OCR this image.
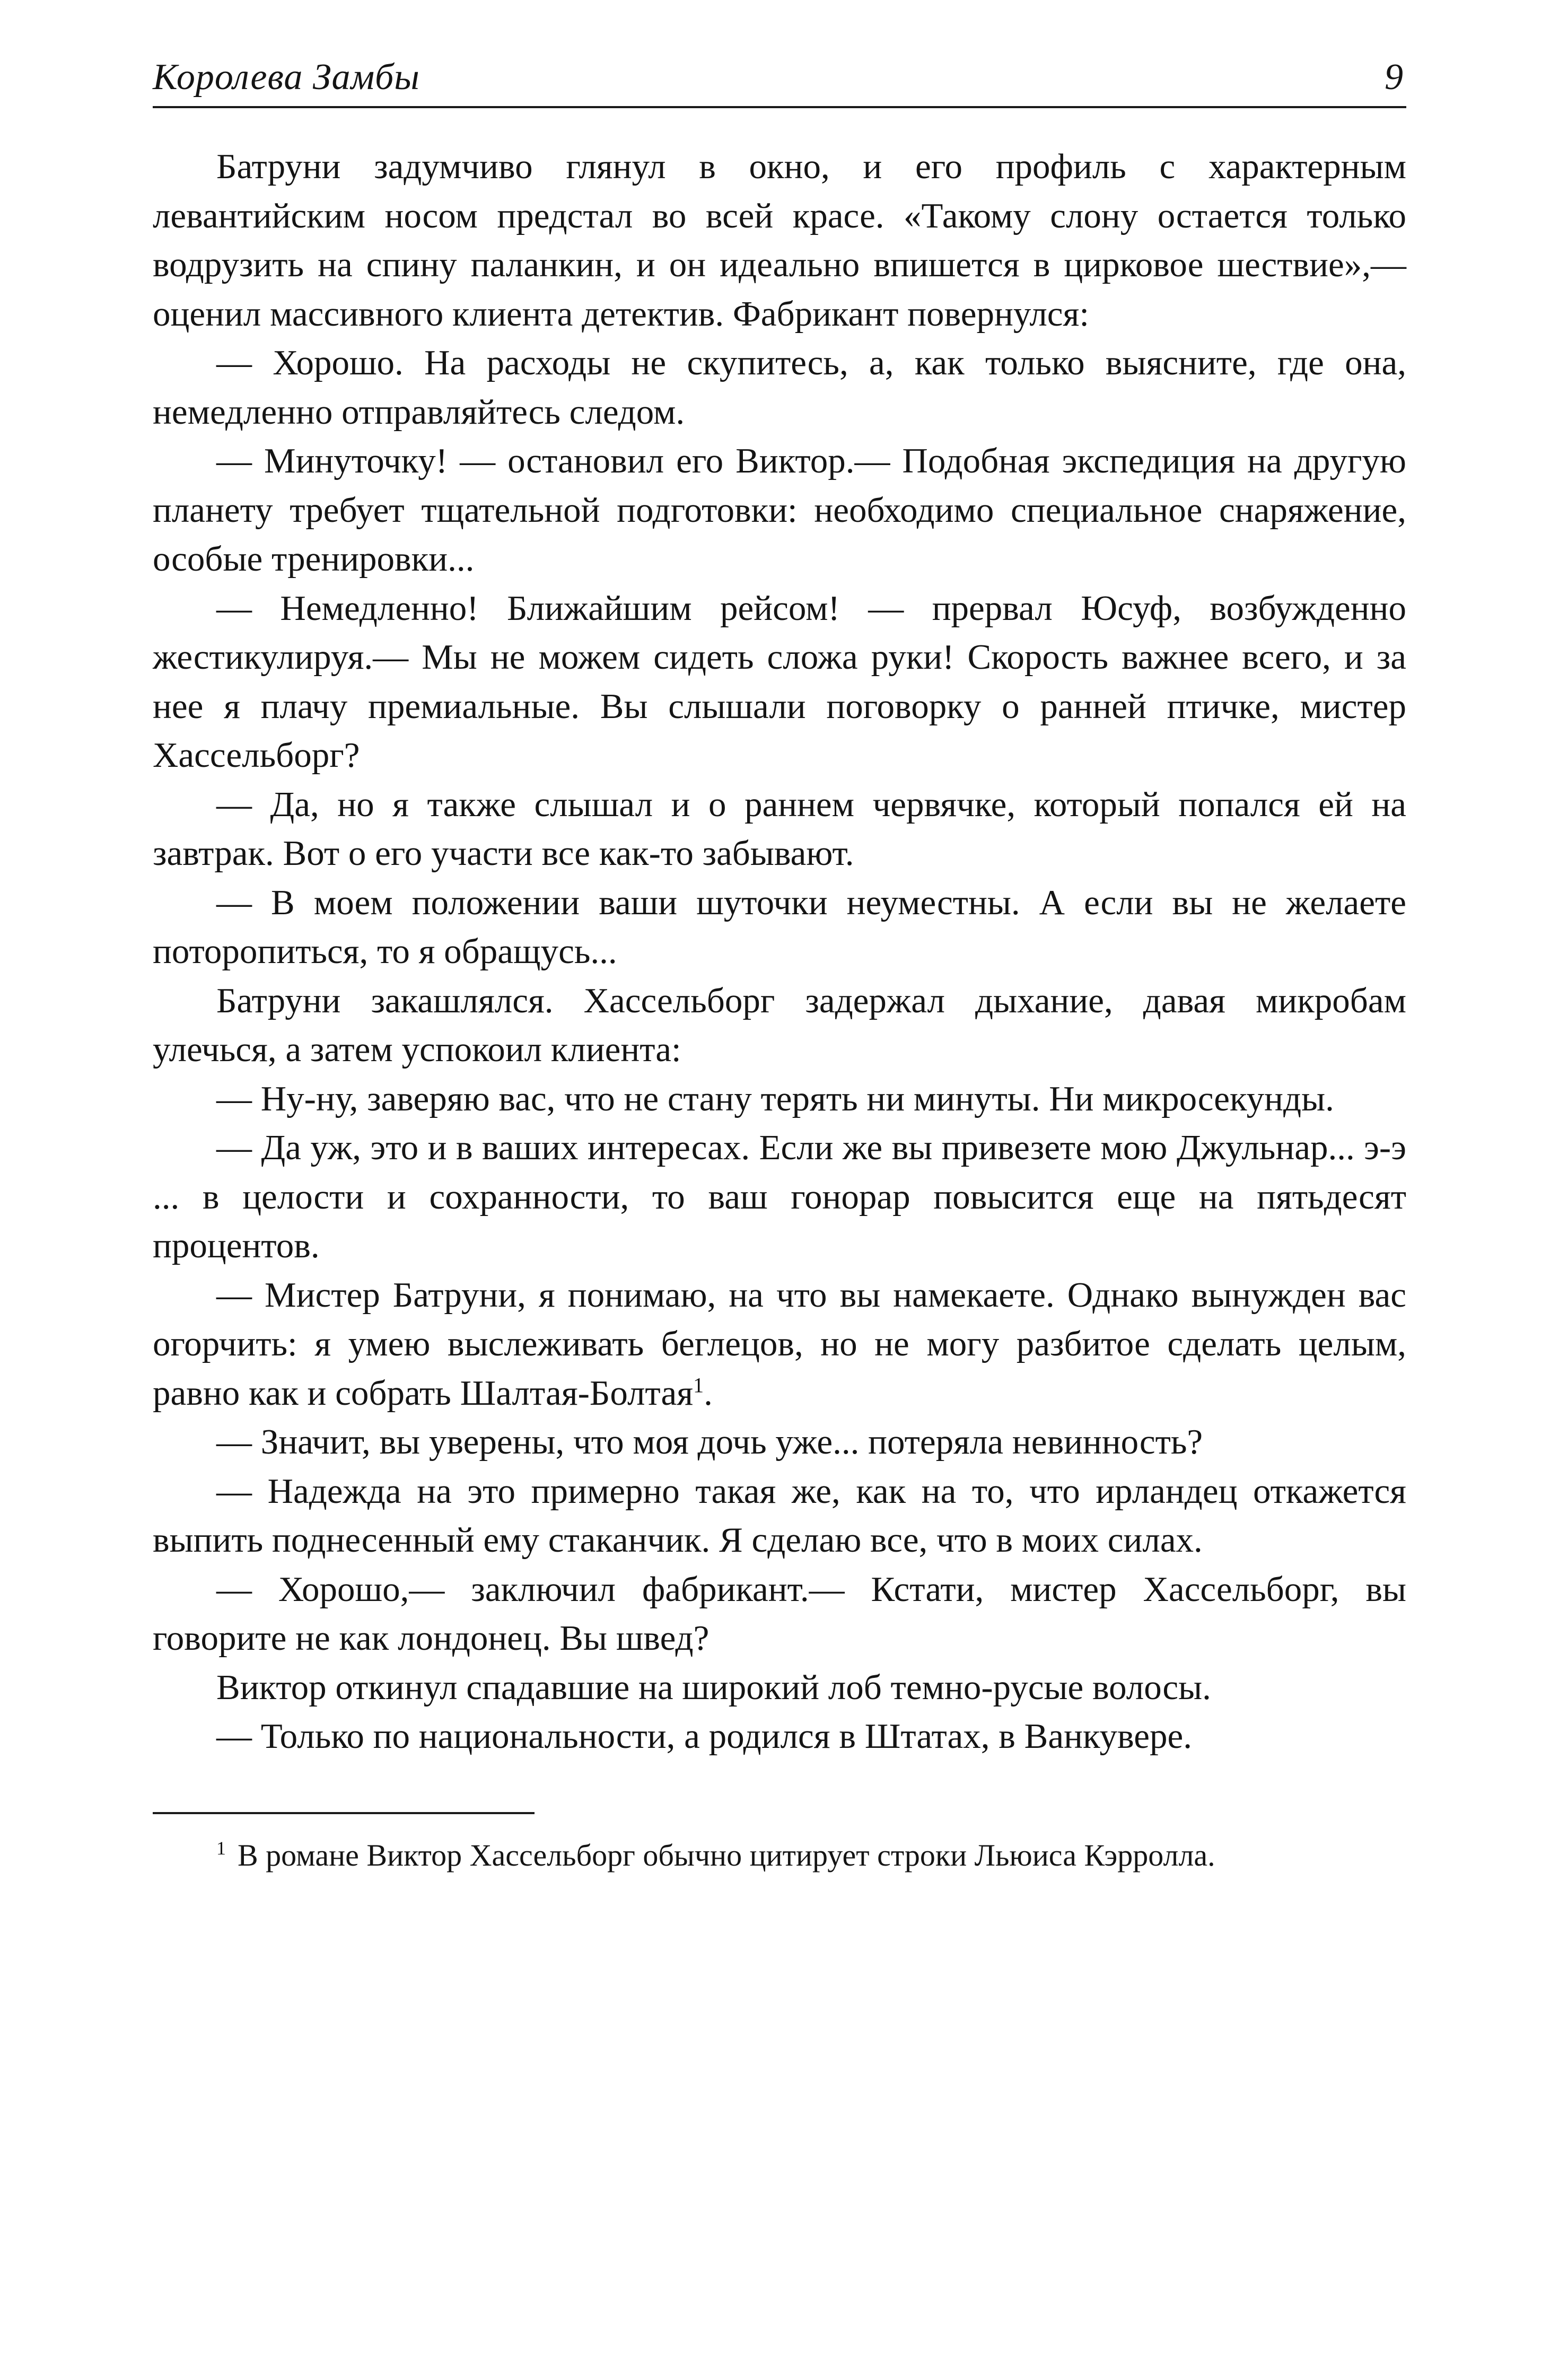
Королева Замбы	9

Батруни задумчиво глянул в окно, и его профиль с характерным левантийским носом предстал во всей красе. «Такому слону остается только водрузить на спину паланкин, и он идеально впишется в цирковое шествие»,— оценил массивного клиента детектив. Фабрикант повернулся:

— Хорошо. На расходы не скупитесь, а, как только выясните, где она, немедленно отправляйтесь следом.

— Минуточку! — остановил его Виктор.— Подобная экспедиция на другую планету требует тщательной подготовки: необходимо специальное снаряжение, особые тренировки...

— Немедленно! Ближайшим рейсом! — прервал Юсуф, возбужденно жестикулируя.— Мы не можем сидеть сложа руки! Скорость важнее всего, и за нее я плачу премиальные. Вы слышали поговорку о ранней птичке, мистер Хассельборг?

— Да, но я также слышал и о раннем червячке, который попался ей на завтрак. Вот о его участи все как-то забывают.

— В моем положении ваши шуточки неуместны. А если вы не желаете поторопиться, то я обращусь...

Батруни закашлялся. Хассельборг задержал дыхание, давая микробам улечься, а затем успокоил клиента:

— Ну-ну, заверяю вас, что не стану терять ни минуты. Ни микросекунды.

— Да уж, это и в ваших интересах. Если же вы привезете мою Джульнар... э-э ... в целости и сохранности, то ваш гонорар повысится еще на пятьдесят процентов.

— Мистер Батруни, я понимаю, на что вы намекаете. Однако вынужден вас огорчить: я умею выслеживать беглецов, но не могу разбитое сделать целым, равно как и собрать Шалтая-Болтая$^1$.

— Значит, вы уверены, что моя дочь уже... потеряла невинность?

— Надежда на это примерно такая же, как на то, что ирландец откажется выпить поднесенный ему стаканчик. Я сделаю все, что в моих силах.

— Хорошо,— заключил фабрикант.— Кстати, мистер Хассельборг, вы говорите не как лондонец. Вы швед?

Виктор откинул спадавшие на широкий лоб темно-русые волосы.

— Только по национальности, а родился в Штатах, в Ванкувере.

$^1$ В романе Виктор Хассельборг обычно цитирует строки Льюиса Кэрролла.
